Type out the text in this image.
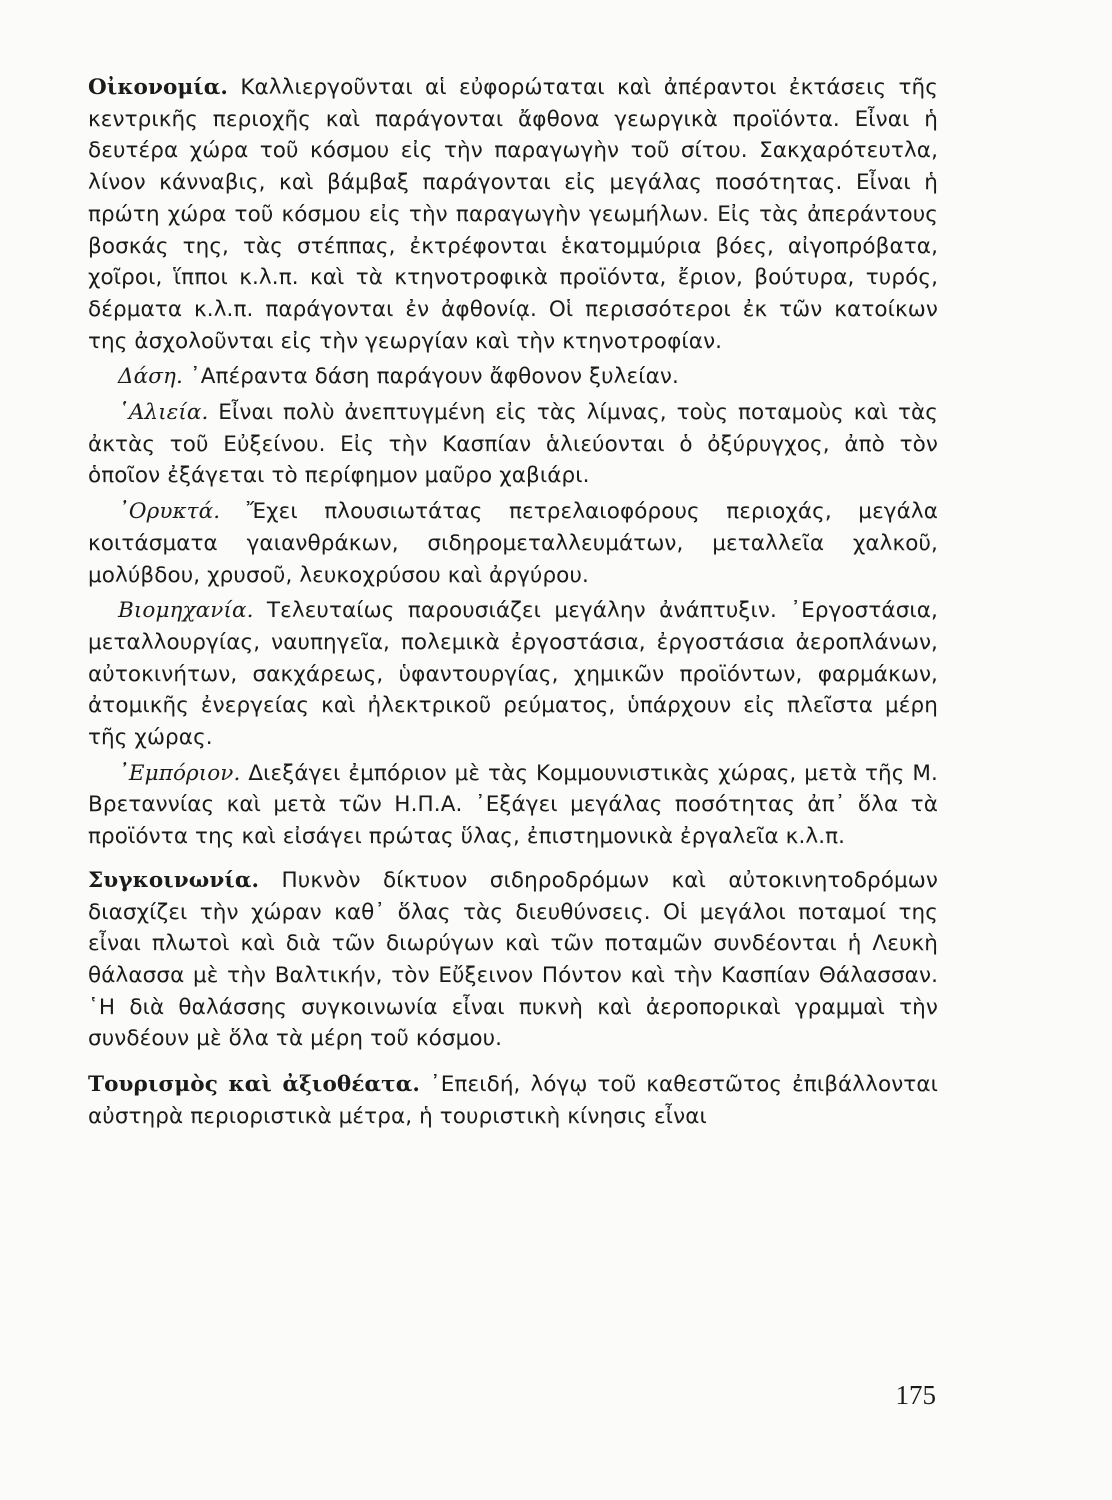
Οἰκονομία. Καλλιεργοῦνται αἱ εὐφορώταται καὶ ἀπέραντοι ἐκτάσεις τῆς κεντρικῆς περιοχῆς καὶ παράγονται ἄφθονα γεωργικὰ προϊόντα. Εἶναι ἡ δευτέρα χώρα τοῦ κόσμου εἰς τὴν παραγωγὴν τοῦ σίτου. Σακχαρότευτλα, λίνον κάνναβις, καὶ βάμβαξ παράγονται εἰς μεγάλας ποσότητας. Εἶναι ἡ πρώτη χώρα τοῦ κόσμου εἰς τὴν παραγωγὴν γεωμήλων. Εἰς τὰς ἀπεράντους βοσκάς της, τὰς στέππας, ἐκτρέφονται ἑκατομμύρια βόες, αἰγοπρόβατα, χοῖροι, ἵπποι κ.λ.π. καὶ τὰ κτηνοτροφικὰ προϊόντα, ἔριον, βούτυρα, τυρός, δέρματα κ.λ.π. παράγονται ἐν ἀφθονίᾳ. Οἱ περισσότεροι ἐκ τῶν κατοίκων της ἀσχολοῦνται εἰς τὴν γεωργίαν καὶ τὴν κτηνοτροφίαν.

Δάση. ᾿Απέραντα δάση παράγουν ἄφθονον ξυλείαν.

῾Αλιεία. Εἶναι πολὺ ἀνεπτυγμένη εἰς τὰς λίμνας, τοὺς ποταμοὺς καὶ τὰς ἀκτὰς τοῦ Εὐξείνου. Εἰς τὴν Κασπίαν ἁλιεύονται ὁ ὀξύρυγχος, ἀπὸ τὸν ὁποῖον ἐξάγεται τὸ περίφημον μαῦρο χαβιάρι.

᾿Ορυκτά. Ἔχει πλουσιωτάτας πετρελαιοφόρους περιοχάς, μεγάλα κοιτάσματα γαιανθράκων, σιδηρομεταλλευμάτων, μεταλλεῖα χαλκοῦ, μολύβδου, χρυσοῦ, λευκοχρύσου καὶ ἀργύρου.

Βιομηχανία. Τελευταίως παρουσιάζει μεγάλην ἀνάπτυξιν. ᾿Εργοστάσια, μεταλλουργίας, ναυπηγεῖα, πολεμικὰ ἐργοστάσια, ἐργοστάσια ἀεροπλάνων, αὐτοκινήτων, σακχάρεως, ὑφαντουργίας, χημικῶν προϊόντων, φαρμάκων, ἀτομικῆς ἐνεργείας καὶ ἠλεκτρικοῦ ρεύματος, ὑπάρχουν εἰς πλεῖστα μέρη τῆς χώρας.

᾿Εμπόριον. Διεξάγει ἐμπόριον μὲ τὰς Κομμουνιστικὰς χώρας, μετὰ τῆς Μ. Βρεταννίας καὶ μετὰ τῶν Η.Π.Α. ᾿Εξάγει μεγάλας ποσότητας ἀπ᾿ ὅλα τὰ προϊόντα της καὶ εἰσάγει πρώτας ὕλας, ἐπιστημονικὰ ἐργαλεῖα κ.λ.π.

Συγκοινωνία. Πυκνὸν δίκτυον σιδηροδρόμων καὶ αὐτοκινητοδρόμων διασχίζει τὴν χώραν καθ᾿ ὅλας τὰς διευθύνσεις. Οἱ μεγάλοι ποταμοί της εἶναι πλωτοὶ καὶ διὰ τῶν διωρύγων καὶ τῶν ποταμῶν συνδέονται ἡ Λευκὴ θάλασσα μὲ τὴν Βαλτικήν, τὸν Εὔξεινον Πόντον καὶ τὴν Κασπίαν Θάλασσαν. ῾Η διὰ θαλάσσης συγκοινωνία εἶναι πυκνὴ καὶ ἀεροπορικαὶ γραμμαὶ τὴν συνδέουν μὲ ὅλα τὰ μέρη τοῦ κόσμου.

Τουρισμὸς καὶ ἀξιοθέατα. ᾿Επειδή, λόγῳ τοῦ καθεστῶτος ἐπιβάλλονται αὐστηρὰ περιοριστικὰ μέτρα, ἡ τουριστικὴ κίνησις εἶναι

175
